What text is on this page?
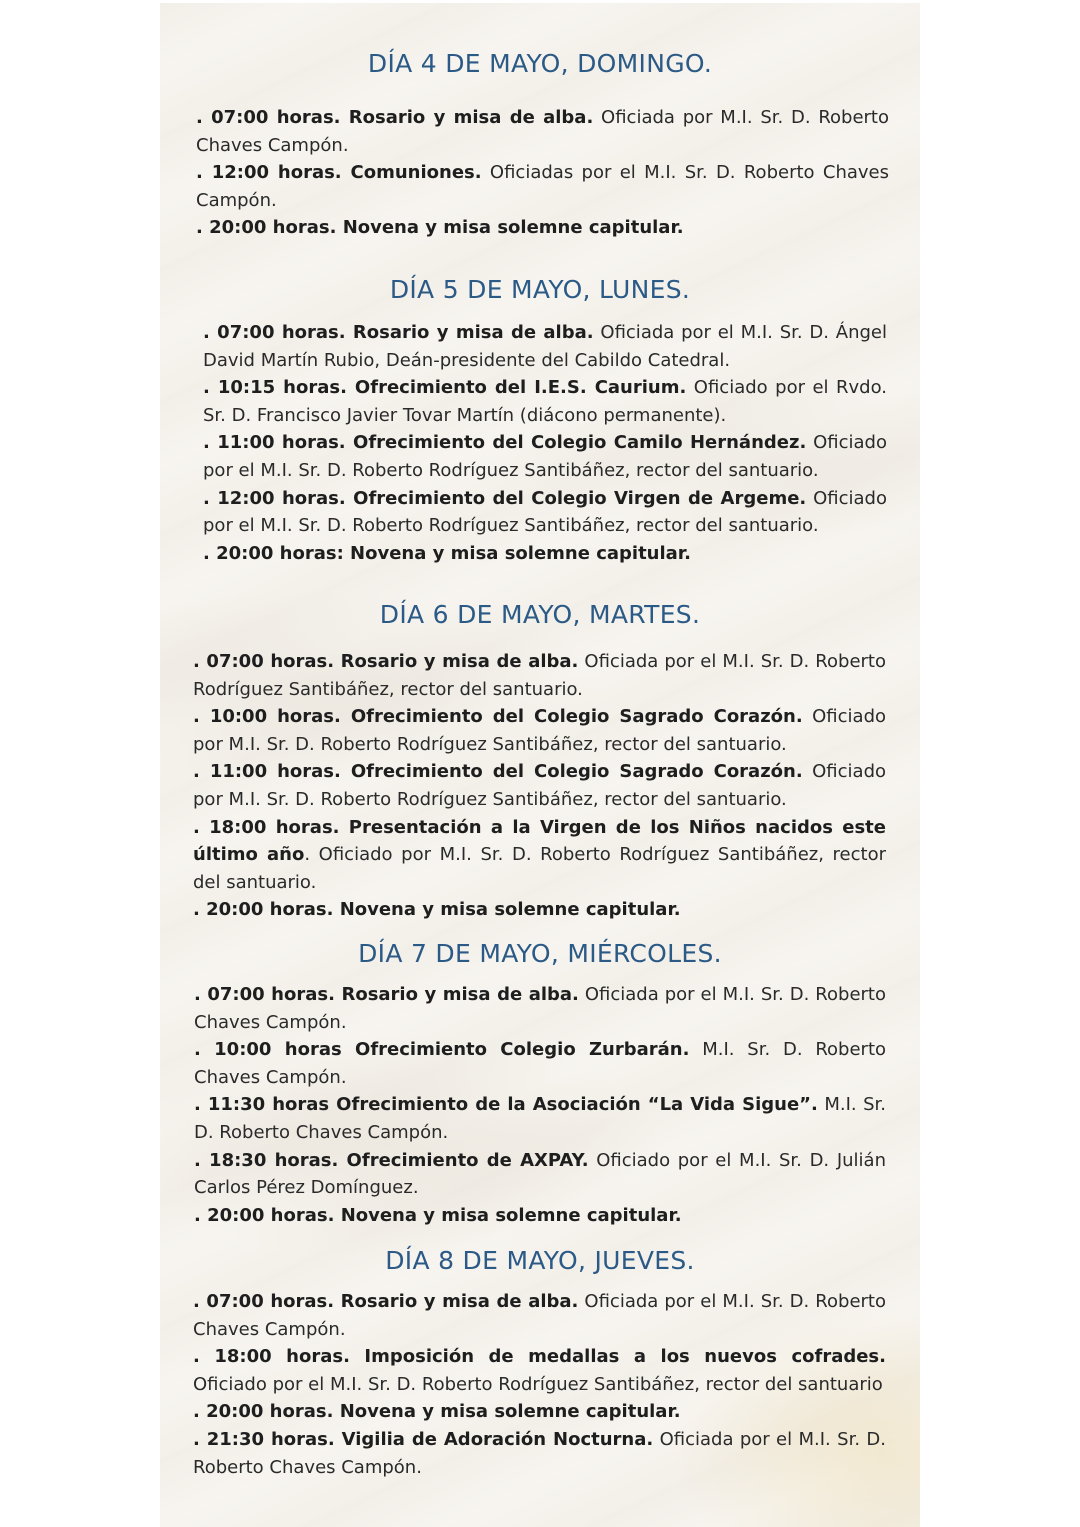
DÍA 4 DE MAYO, DOMINGO.

. 07:00 horas. Rosario y misa de alba. Oficiada por M.I. Sr. D. Roberto Chaves Campón.

. 12:00 horas. Comuniones. Oficiadas por el M.I. Sr. D. Roberto Chaves Campón.

. 20:00 horas. Novena y misa solemne capitular.

DÍA 5 DE MAYO, LUNES.

. 07:00 horas. Rosario y misa de alba. Oficiada por el M.I. Sr. D. Ángel David Martín Rubio, Deán-presidente del Cabildo Catedral.

. 10:15 horas. Ofrecimiento del I.E.S. Caurium. Oficiado por el Rvdo. Sr. D. Francisco Javier Tovar Martín (diácono permanente).

. 11:00 horas. Ofrecimiento del Colegio Camilo Hernández. Oficiado por el M.I. Sr. D. Roberto Rodríguez Santibáñez, rector del santuario.

. 12:00 horas. Ofrecimiento del Colegio Virgen de Argeme. Oficiado por el M.I. Sr. D. Roberto Rodríguez Santibáñez, rector del santuario.

. 20:00 horas: Novena y misa solemne capitular.

DÍA 6 DE MAYO, MARTES.

. 07:00 horas. Rosario y misa de alba. Oficiada por el M.I. Sr. D. Roberto Rodríguez Santibáñez, rector del santuario.

. 10:00 horas. Ofrecimiento del Colegio Sagrado Corazón. Oficiado por M.I. Sr. D. Roberto Rodríguez Santibáñez, rector del santuario.

. 11:00 horas. Ofrecimiento del Colegio Sagrado Corazón. Oficiado por M.I. Sr. D. Roberto Rodríguez Santibáñez, rector del santuario.

. 18:00 horas. Presentación a la Virgen de los Niños nacidos este último año. Oficiado por M.I. Sr. D. Roberto Rodríguez Santibáñez, rector del santuario.

. 20:00 horas. Novena y misa solemne capitular.

DÍA 7 DE MAYO, MIÉRCOLES.

. 07:00 horas. Rosario y misa de alba. Oficiada por el M.I. Sr. D. Roberto Chaves Campón.

. 10:00 horas Ofrecimiento Colegio Zurbarán. M.I. Sr. D. Roberto Chaves Campón.

. 11:30 horas Ofrecimiento de la Asociación “La Vida Sigue”. M.I. Sr. D. Roberto Chaves Campón.

. 18:30 horas. Ofrecimiento de AXPAY. Oficiado por el M.I. Sr. D. Julián Carlos Pérez Domínguez.

. 20:00 horas. Novena y misa solemne capitular.

DÍA 8 DE MAYO, JUEVES.

. 07:00 horas. Rosario y misa de alba. Oficiada por el M.I. Sr. D. Roberto Chaves Campón.

. 18:00 horas. Imposición de medallas a los nuevos cofrades. Oficiado por el M.I. Sr. D. Roberto Rodríguez Santibáñez, rector del santuario

. 20:00 horas. Novena y misa solemne capitular.

. 21:30 horas. Vigilia de Adoración Nocturna. Oficiada por el M.I. Sr. D. Roberto Chaves Campón.
